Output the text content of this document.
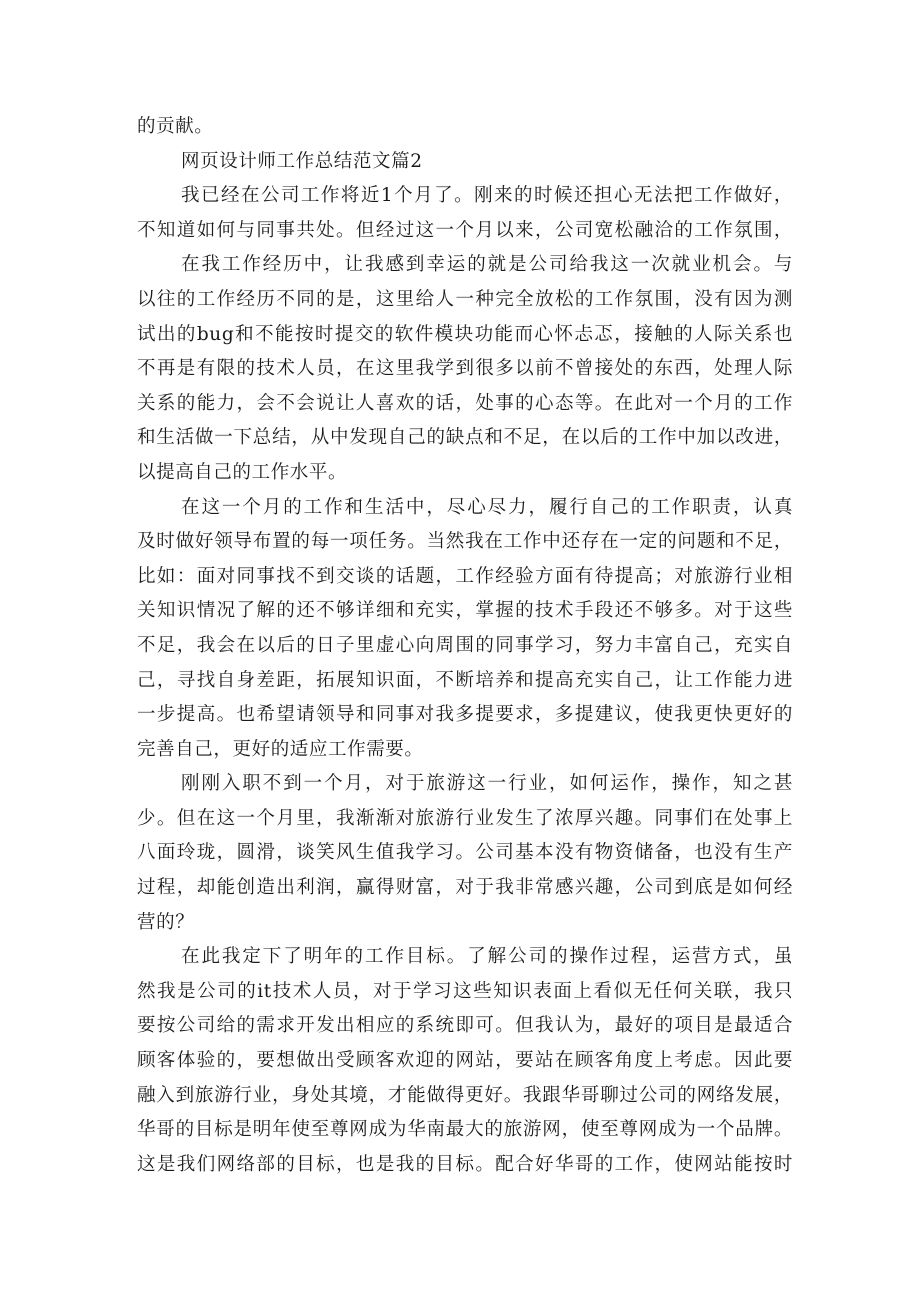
的贡献。
网页设计师工作总结范文篇2
我已经在公司工作将近1个月了。刚来的时候还担心无法把工作做好，
不知道如何与同事共处。但经过这一个月以来，公司宽松融洽的工作氛围，
在我工作经历中，让我感到幸运的就是公司给我这一次就业机会。与
以往的工作经历不同的是，这里给人一种完全放松的工作氛围，没有因为测
试出的bug和不能按时提交的软件模块功能而心怀忐忑，接触的人际关系也
不再是有限的技术人员，在这里我学到很多以前不曾接处的东西，处理人际
关系的能力，会不会说让人喜欢的话，处事的心态等。在此对一个月的工作
和生活做一下总结，从中发现自己的缺点和不足，在以后的工作中加以改进，
以提高自己的工作水平。
在这一个月的工作和生活中，尽心尽力，履行自己的工作职责，认真
及时做好领导布置的每一项任务。当然我在工作中还存在一定的问题和不足，
比如：面对同事找不到交谈的话题，工作经验方面有待提高；对旅游行业相
关知识情况了解的还不够详细和充实，掌握的技术手段还不够多。对于这些
不足，我会在以后的日子里虚心向周围的同事学习，努力丰富自己，充实自
己，寻找自身差距，拓展知识面，不断培养和提高充实自己，让工作能力进
一步提高。也希望请领导和同事对我多提要求，多提建议，使我更快更好的
完善自己，更好的适应工作需要。
刚刚入职不到一个月，对于旅游这一行业，如何运作，操作，知之甚
少。但在这一个月里，我渐渐对旅游行业发生了浓厚兴趣。同事们在处事上
八面玲珑，圆滑，谈笑风生值我学习。公司基本没有物资储备，也没有生产
过程，却能创造出利润，赢得财富，对于我非常感兴趣，公司到底是如何经
营的？
在此我定下了明年的工作目标。了解公司的操作过程，运营方式，虽
然我是公司的it技术人员，对于学习这些知识表面上看似无任何关联，我只
要按公司给的需求开发出相应的系统即可。但我认为，最好的项目是最适合
顾客体验的，要想做出受顾客欢迎的网站，要站在顾客角度上考虑。因此要
融入到旅游行业，身处其境，才能做得更好。我跟华哥聊过公司的网络发展，
华哥的目标是明年使至尊网成为华南最大的旅游网，使至尊网成为一个品牌。
这是我们网络部的目标，也是我的目标。配合好华哥的工作，使网站能按时
